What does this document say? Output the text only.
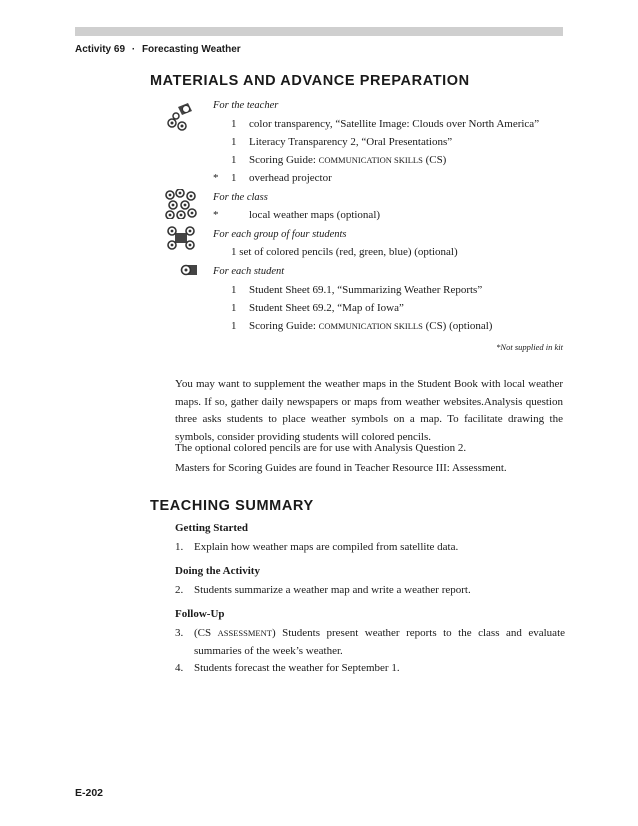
Activity 69 · Forecasting Weather
MATERIALS AND ADVANCE PREPARATION
For the teacher
1 color transparency, “Satellite Image: Clouds over North America”
1 Literacy Transparency 2, “Oral Presentations”
1 Scoring Guide: COMMUNICATION SKILLS (CS)
* 1 overhead projector
For the class
*	local weather maps (optional)
For each group of four students
1 set of colored pencils (red, green, blue) (optional)
For each student
1 Student Sheet 69.1, “Summarizing Weather Reports”
1 Student Sheet 69.2, “Map of Iowa”
1 Scoring Guide: COMMUNICATION SKILLS (CS) (optional)
*Not supplied in kit

You may want to supplement the weather maps in the Student Book with local weather maps. If so, gather daily newspapers or maps from weather websites.Analysis question three asks students to place weather symbols on a map. To facilitate drawing the symbols, consider providing students will colored pencils.

The optional colored pencils are for use with Analysis Question 2.

Masters for Scoring Guides are found in Teacher Resource III: Assessment.

TEACHING SUMMARY
Getting Started
1. Explain how weather maps are compiled from satellite data.
Doing the Activity
2. Students summarize a weather map and write a weather report.
Follow-Up
3. (CS ASSESSMENT) Students present weather reports to the class and evaluate summaries of the week’s weather.
4. Students forecast the weather for September 1.
E-202
